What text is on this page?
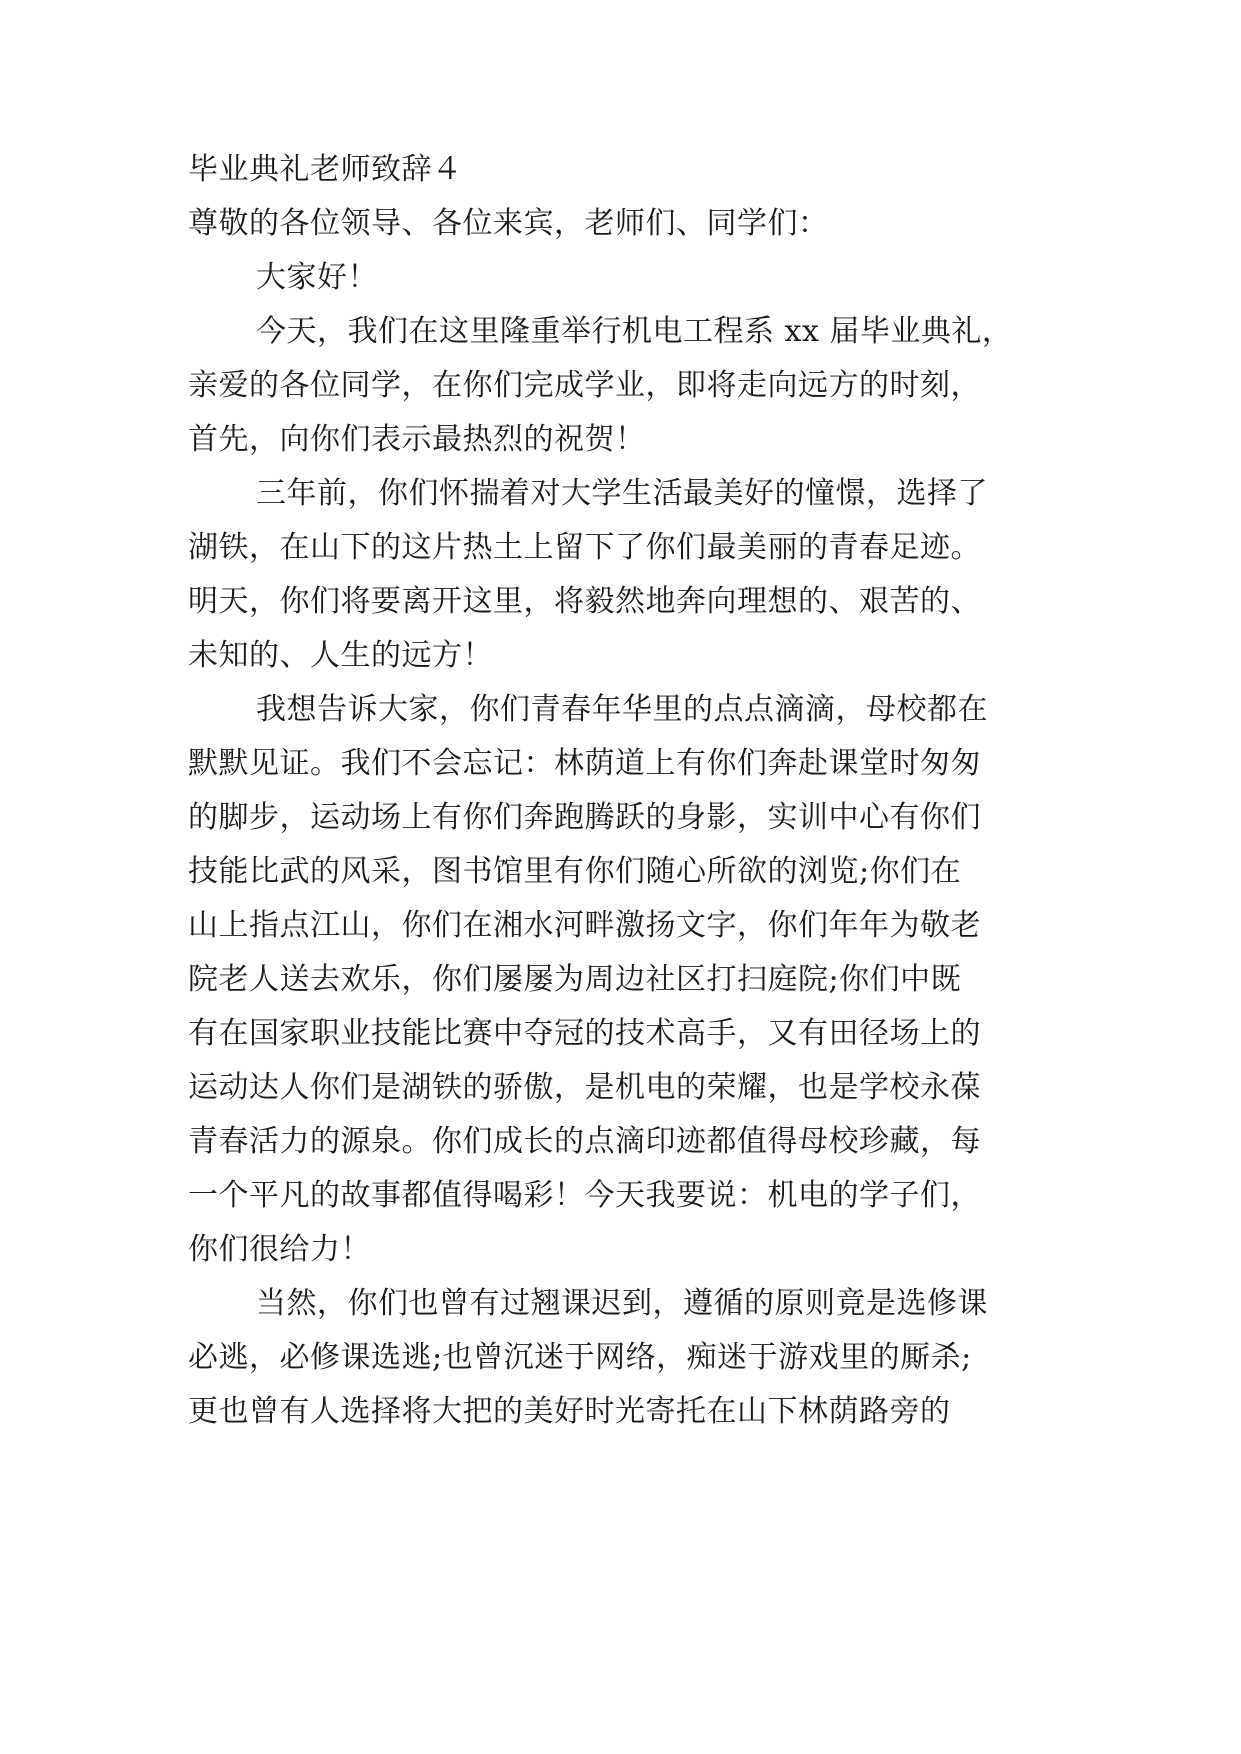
毕业典礼老师致辞４
尊敬的各位领导、各位来宾，老师们、同学们：
大家好！
今天，我们在这里隆重举行机电工程系 xx 届毕业典礼，
亲爱的各位同学，在你们完成学业，即将走向远方的时刻，
首先，向你们表示最热烈的祝贺！
三年前，你们怀揣着对大学生活最美好的憧憬，选择了
湖铁，在山下的这片热土上留下了你们最美丽的青春足迹。
明天，你们将要离开这里，将毅然地奔向理想的、艰苦的、
未知的、人生的远方！
我想告诉大家，你们青春年华里的点点滴滴，母校都在
默默见证。我们不会忘记：林荫道上有你们奔赴课堂时匆匆
的脚步，运动场上有你们奔跑腾跃的身影，实训中心有你们
技能比武的风采，图书馆里有你们随心所欲的浏览;你们在
山上指点江山，你们在湘水河畔激扬文字，你们年年为敬老
院老人送去欢乐，你们屡屡为周边社区打扫庭院;你们中既
有在国家职业技能比赛中夺冠的技术高手，又有田径场上的
运动达人你们是湖铁的骄傲，是机电的荣耀，也是学校永葆
青春活力的源泉。你们成长的点滴印迹都值得母校珍藏，每
一个平凡的故事都值得喝彩！今天我要说：机电的学子们，
你们很给力！
当然，你们也曾有过翘课迟到，遵循的原则竟是选修课
必逃，必修课选逃;也曾沉迷于网络，痴迷于游戏里的厮杀;
更也曾有人选择将大把的美好时光寄托在山下林荫路旁的
